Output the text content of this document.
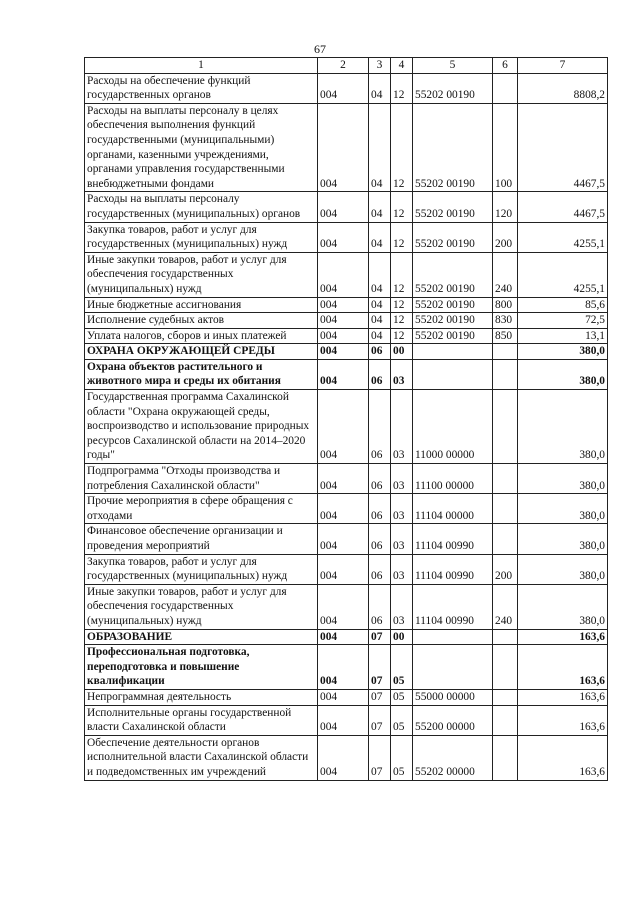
67
1	2	3	4	5	6	7
Расходы на обеспечение функций государственных органов	004	04	12	55202 00190		8808,2
Расходы на выплаты персоналу в целях обеспечения выполнения функций государственными (муниципальными) органами, казенными учреждениями, органами управления государственными внебюджетными фондами	004	04	12	55202 00190	100	4467,5
Расходы на выплаты персоналу государственных (муниципальных) органов	004	04	12	55202 00190	120	4467,5
Закупка товаров, работ и услуг для государственных (муниципальных) нужд	004	04	12	55202 00190	200	4255,1
Иные закупки товаров, работ и услуг для обеспечения государственных (муниципальных) нужд	004	04	12	55202 00190	240	4255,1
Иные бюджетные ассигнования	004	04	12	55202 00190	800	85,6
Исполнение судебных актов	004	04	12	55202 00190	830	72,5
Уплата налогов, сборов и иных платежей	004	04	12	55202 00190	850	13,1
ОХРАНА ОКРУЖАЮЩЕЙ СРЕДЫ	004	06	00			380,0
Охрана объектов растительного и животного мира и среды их обитания	004	06	03			380,0
Государственная программа Сахалинской области "Охрана окружающей среды, воспроизводство и использование природных ресурсов Сахалинской области на 2014–2020 годы"	004	06	03	11000 00000		380,0
Подпрограмма "Отходы производства и потребления Сахалинской области"	004	06	03	11100 00000		380,0
Прочие мероприятия в сфере обращения с отходами	004	06	03	11104 00000		380,0
Финансовое обеспечение организации и проведения мероприятий	004	06	03	11104 00990		380,0
Закупка товаров, работ и услуг для государственных (муниципальных) нужд	004	06	03	11104 00990	200	380,0
Иные закупки товаров, работ и услуг для обеспечения государственных (муниципальных) нужд	004	06	03	11104 00990	240	380,0
ОБРАЗОВАНИЕ	004	07	00			163,6
Профессиональная подготовка, переподготовка и повышение квалификации	004	07	05			163,6
Непрограммная деятельность	004	07	05	55000 00000		163,6
Исполнительные органы государственной власти Сахалинской области	004	07	05	55200 00000		163,6
Обеспечение деятельности органов исполнительной власти Сахалинской области и подведомственных им учреждений	004	07	05	55202 00000		163,6
